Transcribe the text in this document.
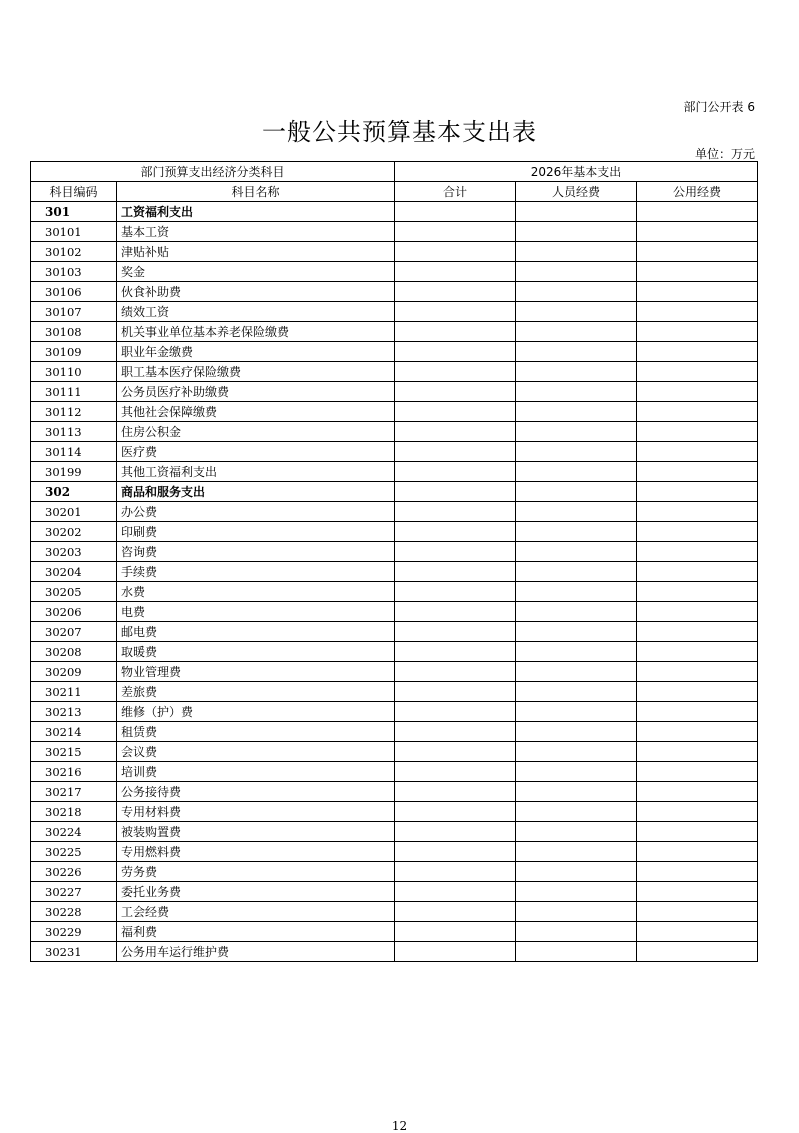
部门公开表 6
一般公共预算基本支出表
单位：万元
部门预算支出经济分类科目		2026年基本支出		
科目编码	科目名称	合计	人员经费	公用经费
301	工资福利支出			
30101	基本工资			
30102	津贴补贴			
30103	奖金			
30106	伙食补助费			
30107	绩效工资			
30108	机关事业单位基本养老保险缴费			
30109	职业年金缴费			
30110	职工基本医疗保险缴费			
30111	公务员医疗补助缴费			
30112	其他社会保障缴费			
30113	住房公积金			
30114	医疗费			
30199	其他工资福利支出			
302	商品和服务支出			
30201	办公费			
30202	印刷费			
30203	咨询费			
30204	手续费			
30205	水费			
30206	电费			
30207	邮电费			
30208	取暖费			
30209	物业管理费			
30211	差旅费			
30213	维修（护）费			
30214	租赁费			
30215	会议费			
30216	培训费			
30217	公务接待费			
30218	专用材料费			
30224	被装购置费			
30225	专用燃料费			
30226	劳务费			
30227	委托业务费			
30228	工会经费			
30229	福利费			
30231	公务用车运行维护费			
12
